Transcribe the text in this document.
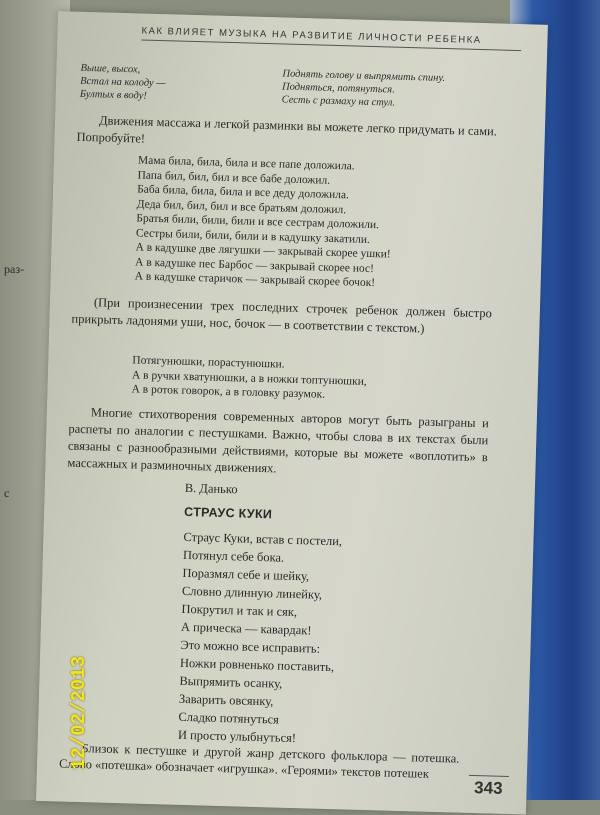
раз-
с
КАК ВЛИЯЕТ МУЗЫКА НА РАЗВИТИЕ ЛИЧНОСТИ РЕБЕНКА
Выше, высох,
Встал на колоду —
Бултых в воду!
Поднять голову и выпрямить спину.
Подняться, потянуться.
Сесть с размаху на стул.
Движения массажа и легкой разминки вы можете легко придумать и сами. Попробуйте!
Мама била, била, била и все папе доложила.
Папа бил, бил, бил и все бабе доложил.
Баба била, била, била и все деду доложила.
Деда бил, бил, бил и все братьям доложил.
Братья били, били, били и все сестрам доложили.
Сестры били, били, били и в кадушку закатили.
А в кадушке две лягушки — закрывай скорее ушки!
А в кадушке пес Барбос — закрывай скорее нос!
А в кадушке старичок — закрывай скорее бочок!
(При произнесении трех последних строчек ребенок должен быстро прикрыть ладонями уши, нос, бочок — в соответствии с текстом.)
Потягунюшки, порастунюшки.
А в ручки хватунюшки, а в ножки топтунюшки,
А в роток говорок, а в головку разумок.
Многие стихотворения современных авторов могут быть разыграны и распеты по аналогии с пестушками. Важно, чтобы слова в их текстах были связаны с разнообразными действиями, которые вы можете «воплотить» в массажных и разминочных движениях.
В. Данько
СТРАУС КУКИ
Страус Куки, встав с постели,
Потянул себе бока.
Поразмял себе и шейку,
Словно длинную линейку,
Покрутил и так и сяк,
А прическа — кавардак!
Это можно все исправить:
Ножки ровненько поставить,
Выпрямить осанку,
Заварить овсянку,
Сладко потянуться
И просто улыбнуться!
Близок к пестушке и другой жанр детского фольклора — потешка. Слово «потешка» обозначает «игрушка». «Героями» текстов потешек
343
12/02/2013
